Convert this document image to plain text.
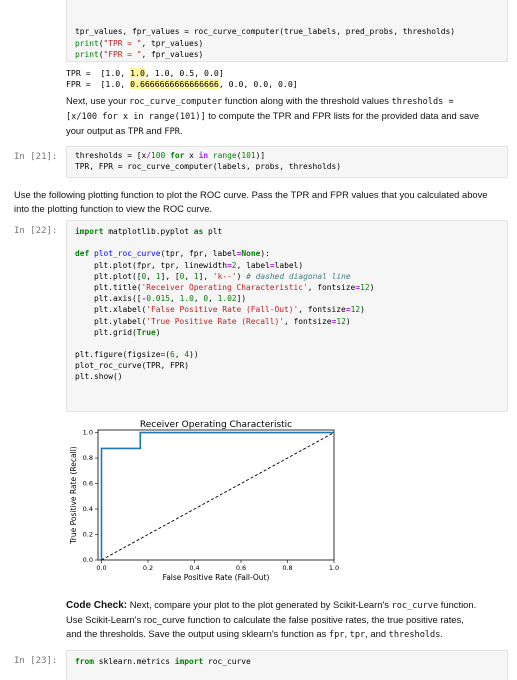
tpr_values, fpr_values = roc_curve_computer(true_labels, pred_probs, thresholds)
print("TPR = ", tpr_values)
print("FPR = ", fpr_values)

TPR =  [1.0, 1.0, 1.0, 0.5, 0.0]
FPR =  [1.0, 0.6666666666666666, 0.0, 0.0, 0.0]
Next, use your roc_curve_computer function along with the threshold values thresholds =
[x/100 for x in range(101)] to compute the TPR and FPR lists for the provided data and save
your output as TPR and FPR.
In [21]:	thresholds = [x/100 for x in range(101)]
TPR, FPR = roc_curve_computer(labels, probs, thresholds)
Use the following plotting function to plot the ROC curve. Pass the TPR and FPR values that you calculated above
into the plotting function to view the ROC curve.
In [22]:	import matplotlib.pyplot as plt
def plot_roc_curve(tpr, fpr, label=None):
plt.plot(fpr, tpr, linewidth=2, label=label)
plt.plot([0, 1], [0, 1], 'k--') # dashed diagonal line
plt.title('Receiver Operating Characteristic', fontsize=12)
plt.axis([-0.015, 1.0, 0, 1.02])
plt.xlabel('False Positive Rate (Fall-Out)', fontsize=12)
plt.ylabel('True Positive Rate (Recall)', fontsize=12)
plt.grid(True)
plt.figure(figsize=(6, 4))
plot_roc_curve(TPR, FPR)
plt.show()
Receiver Operating Characteristic
0.0	0.2	0.4	0.6	0.8	1.0
0.0
0.2
0.4
0.6
0.8
1.0
False Positive Rate (Fall-Out)
True Positive Rate (Recall)
Code Check: Next, compare your plot to the plot generated by Scikit-Learn's roc_curve function.
Use Scikit-Learn's roc_curve function to calculate the false positive rates, the true positive rates,
and the thresholds. Save the output using sklearn's function as fpr, tpr, and thresholds.
In [23]:	from sklearn.metrics import roc_curve
